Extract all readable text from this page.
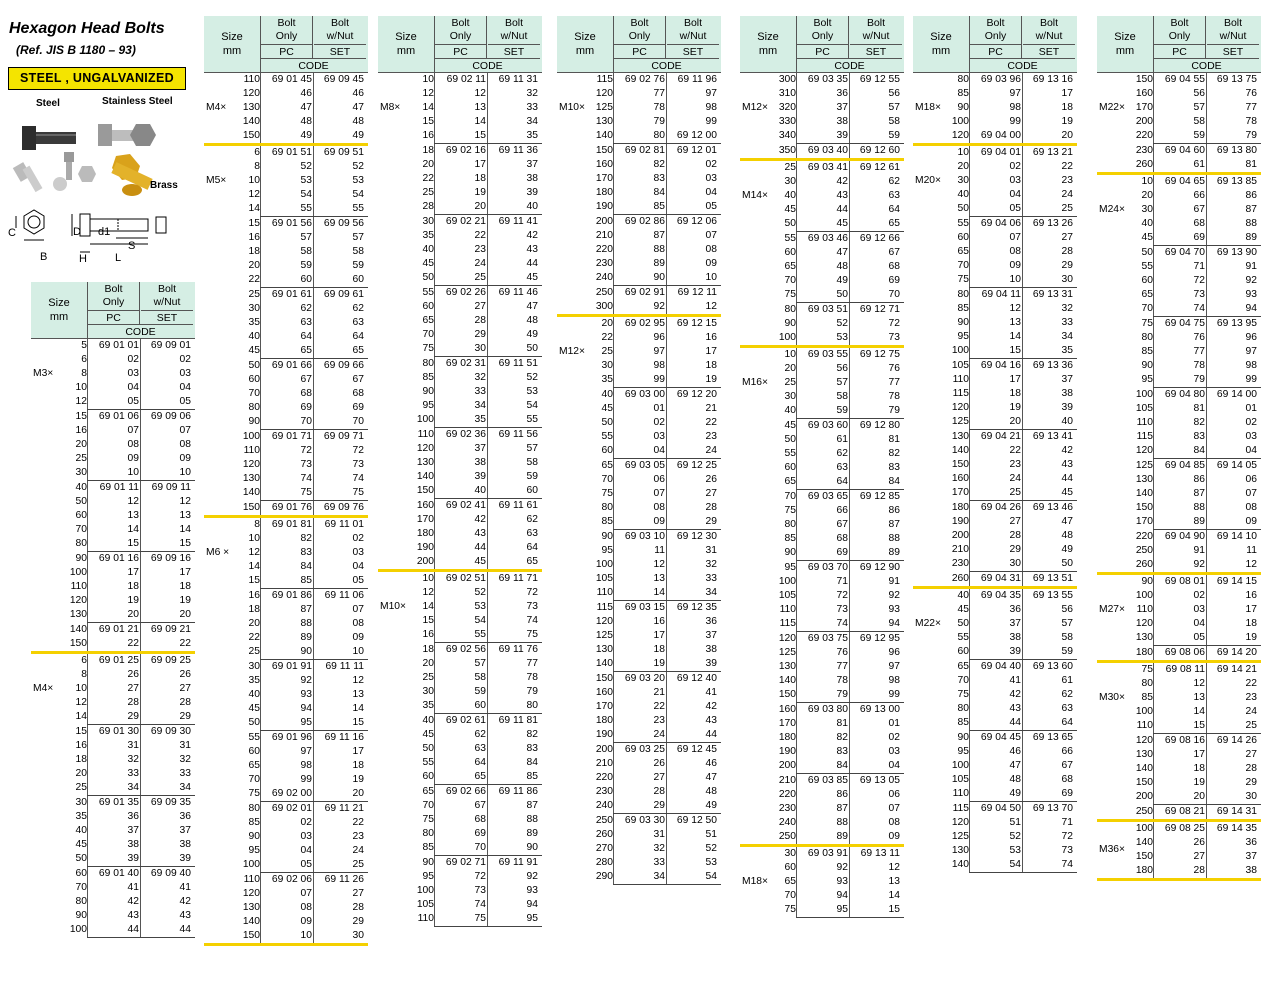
Hexagon Head Bolts
(Ref. JIS B 1180 – 93)
STEEL , UNGALVANIZED
Steel	Stainless Steel
Brass
C	D d1
S
B	H	L
Size
mm
Bolt
Only
Bolt
w/Nut
PC	SET
CODE
5	69 01 01	69 09 01
6	02	02
8	03	03
10	04	04
12	05	05
M3×
15	69 01 06	69 09 06
16	07	07
20	08	08
25	09	09
30	10	10
40	69 01 11	69 09 11
50	12	12
60	13	13
70	14	14
80	15	15
90	69 01 16	69 09 16
100	17	17
110	18	18
120	19	19
130	20	20
140	69 01 21	69 09 21
150	22	22
6	69 01 25	69 09 25
8	26	26
10	27	27
12	28	28
14	29	29
M4×
15	69 01 30	69 09 30
16	31	31
18	32	32
20	33	33
25	34	34
30	69 01 35	69 09 35
35	36	36
40	37	37
45	38	38
50	39	39
60	69 01 40	69 09 40
70	41	41
80	42	42
90	43	43
100	44	44
Size
mm
Bolt
Only
Bolt
w/Nut
PC	SET
CODE
110	69 01 45	69 09 45
120	46	46
130	47	47
140	48	48
150	49	49
M4×
6	69 01 51	69 09 51
8	52	52
10	53	53
12	54	54
14	55	55
M5×
15	69 01 56	69 09 56
16	57	57
18	58	58
20	59	59
22	60	60
25	69 01 61	69 09 61
30	62	62
35	63	63
40	64	64
45	65	65
50	69 01 66	69 09 66
60	67	67
70	68	68
80	69	69
90	70	70
100	69 01 71	69 09 71
110	72	72
120	73	73
130	74	74
140	75	75
150	69 01 76	69 09 76
8	69 01 81	69 11 01
10	82	02
12	83	03
14	84	04
15	85	05
M6 ×
16	69 01 86	69 11 06
18	87	07
20	88	08
22	89	09
25	90	10
30	69 01 91	69 11 11
35	92	12
40	93	13
45	94	14
50	95	15
55	69 01 96	69 11 16
60	97	17
65	98	18
70	99	19
75	69 02 00	20
80	69 02 01	69 11 21
85	02	22
90	03	23
95	04	24
100	05	25
110	69 02 06	69 11 26
120	07	27
130	08	28
140	09	29
150	10	30
Size
mm
Bolt
Only
Bolt
w/Nut
PC	SET
CODE
10	69 02 11	69 11 31
12	12	32
14	13	33
15	14	34
16	15	35
M8×
18	69 02 16	69 11 36
20	17	37
22	18	38
25	19	39
28	20	40
30	69 02 21	69 11 41
35	22	42
40	23	43
45	24	44
50	25	45
55	69 02 26	69 11 46
60	27	47
65	28	48
70	29	49
75	30	50
80	69 02 31	69 11 51
85	32	52
90	33	53
95	34	54
100	35	55
110	69 02 36	69 11 56
120	37	57
130	38	58
140	39	59
150	40	60
160	69 02 41	69 11 61
170	42	62
180	43	63
190	44	64
200	45	65
10	69 02 51	69 11 71
12	52	72
14	53	73
15	54	74
16	55	75
M10×
18	69 02 56	69 11 76
20	57	77
25	58	78
30	59	79
35	60	80
40	69 02 61	69 11 81
45	62	82
50	63	83
55	64	84
60	65	85
65	69 02 66	69 11 86
70	67	87
75	68	88
80	69	89
85	70	90
90	69 02 71	69 11 91
95	72	92
100	73	93
105	74	94
110	75	95
Size
mm
Bolt
Only
Bolt
w/Nut
PC	SET
CODE
115	69 02 76	69 11 96
120	77	97
125	78	98
130	79	99
140	80	69 12 00
M10×
150	69 02 81	69 12 01
160	82	02
170	83	03
180	84	04
190	85	05
200	69 02 86	69 12 06
210	87	07
220	88	08
230	89	09
240	90	10
250	69 02 91	69 12 11
300	92	12
20	69 02 95	69 12 15
22	96	16
25	97	17
30	98	18
35	99	19
M12×
40	69 03 00	69 12 20
45	01	21
50	02	22
55	03	23
60	04	24
65	69 03 05	69 12 25
70	06	26
75	07	27
80	08	28
85	09	29
90	69 03 10	69 12 30
95	11	31
100	12	32
105	13	33
110	14	34
115	69 03 15	69 12 35
120	16	36
125	17	37
130	18	38
140	19	39
150	69 03 20	69 12 40
160	21	41
170	22	42
180	23	43
190	24	44
200	69 03 25	69 12 45
210	26	46
220	27	47
230	28	48
240	29	49
250	69 03 30	69 12 50
260	31	51
270	32	52
280	33	53
290	34	54
Size
mm
Bolt
Only
Bolt
w/Nut
PC	SET
CODE
300	69 03 35	69 12 55
310	36	56
320	37	57
330	38	58
340	39	59
M12×
350	69 03 40	69 12 60
25	69 03 41	69 12 61
30	42	62
40	43	63
45	44	64
50	45	65
M14×
55	69 03 46	69 12 66
60	47	67
65	48	68
70	49	69
75	50	70
80	69 03 51	69 12 71
90	52	72
100	53	73
10	69 03 55	69 12 75
20	56	76
25	57	77
30	58	78
40	59	79
M16×
45	69 03 60	69 12 80
50	61	81
55	62	82
60	63	83
65	64	84
70	69 03 65	69 12 85
75	66	86
80	67	87
85	68	88
90	69	89
95	69 03 70	69 12 90
100	71	91
105	72	92
110	73	93
115	74	94
120	69 03 75	69 12 95
125	76	96
130	77	97
140	78	98
150	79	99
160	69 03 80	69 13 00
170	81	01
180	82	02
190	83	03
200	84	04
210	69 03 85	69 13 05
220	86	06
230	87	07
240	88	08
250	89	09
30	69 03 91	69 13 11
60	92	12
65	93	13
70	94	14
75	95	15
M18×
Size
mm
Bolt
Only
Bolt
w/Nut
PC	SET
CODE
80	69 03 96	69 13 16
85	97	17
90	98	18
100	99	19
120	69 04 00	20
M18×
10	69 04 01	69 13 21
20	02	22
30	03	23
40	04	24
50	05	25
M20×
55	69 04 06	69 13 26
60	07	27
65	08	28
70	09	29
75	10	30
80	69 04 11	69 13 31
85	12	32
90	13	33
95	14	34
100	15	35
105	69 04 16	69 13 36
110	17	37
115	18	38
120	19	39
125	20	40
130	69 04 21	69 13 41
140	22	42
150	23	43
160	24	44
170	25	45
180	69 04 26	69 13 46
190	27	47
200	28	48
210	29	49
230	30	50
260	69 04 31	69 13 51
40	69 04 35	69 13 55
45	36	56
50	37	57
55	38	58
60	39	59
M22×
65	69 04 40	69 13 60
70	41	61
75	42	62
80	43	63
85	44	64
90	69 04 45	69 13 65
95	46	66
100	47	67
105	48	68
110	49	69
115	69 04 50	69 13 70
120	51	71
125	52	72
130	53	73
140	54	74
Size
mm
Bolt
Only
Bolt
w/Nut
PC	SET
CODE
150	69 04 55	69 13 75
160	56	76
170	57	77
200	58	78
220	59	79
M22×
230	69 04 60	69 13 80
260	61	81
10	69 04 65	69 13 85
20	66	86
30	67	87
40	68	88
45	69	89
M24×
50	69 04 70	69 13 90
55	71	91
60	72	92
65	73	93
70	74	94
75	69 04 75	69 13 95
80	76	96
85	77	97
90	78	98
95	79	99
100	69 04 80	69 14 00
105	81	01
110	82	02
115	83	03
120	84	04
125	69 04 85	69 14 05
130	86	06
140	87	07
150	88	08
170	89	09
220	69 04 90	69 14 10
250	91	11
260	92	12
90	69 08 01	69 14 15
100	02	16
110	03	17
120	04	18
130	05	19
M27×
180	69 08 06	69 14 20
75	69 08 11	69 14 21
80	12	22
85	13	23
100	14	24
110	15	25
M30×
120	69 08 16	69 14 26
130	17	27
140	18	28
150	19	29
200	20	30
250	69 08 21	69 14 31
100	69 08 25	69 14 35
140	26	36
150	27	37
180	28	38
M36×
